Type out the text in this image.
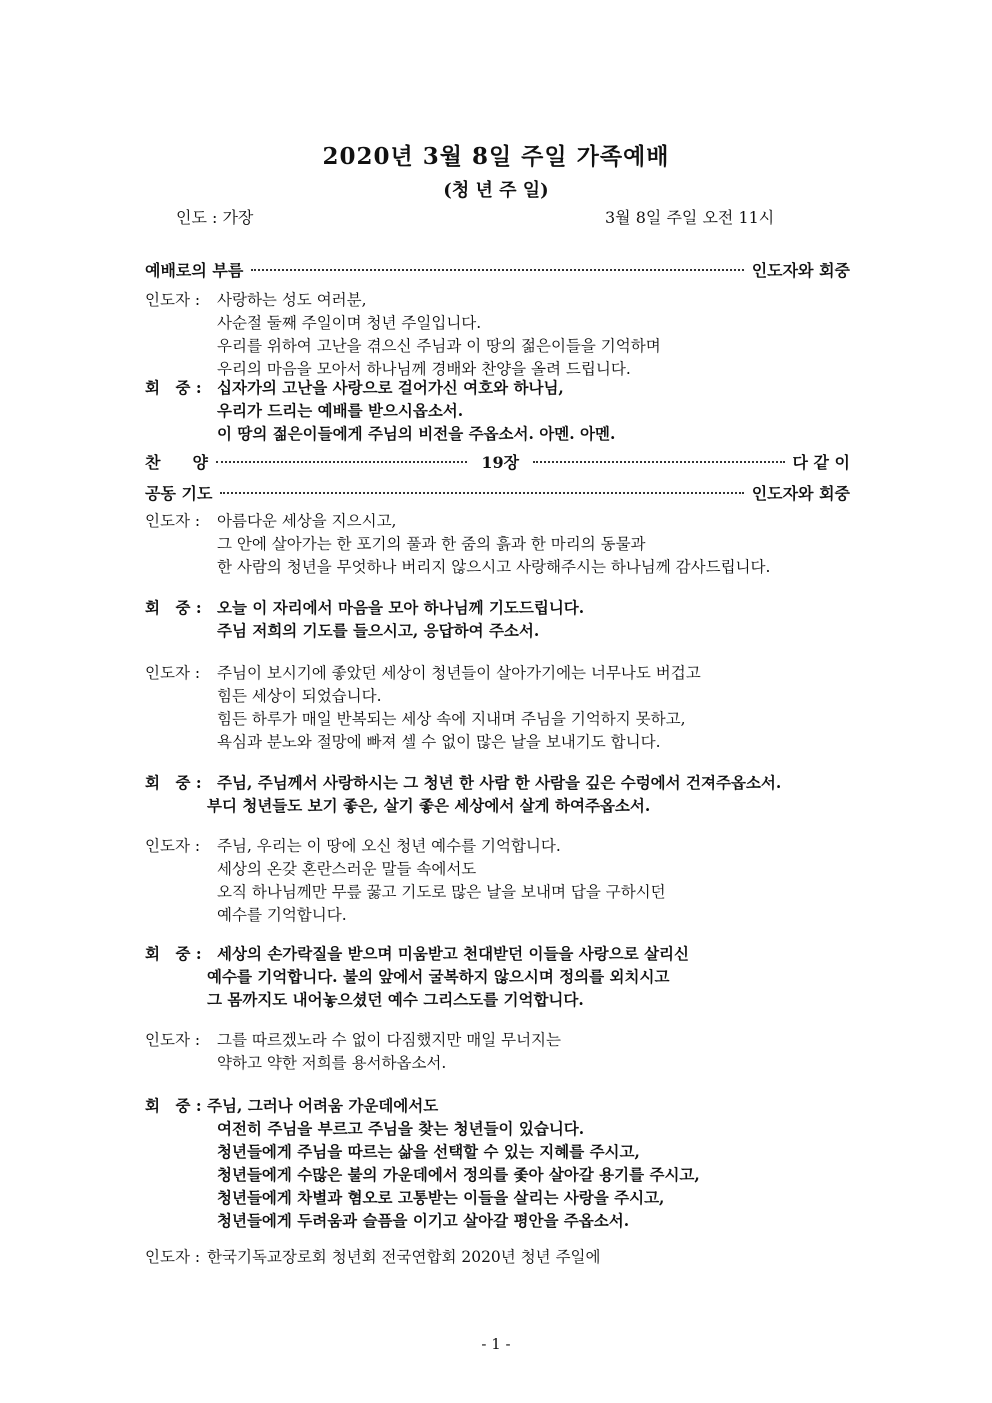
2020년 3월 8일 주일 가족예배
(청 년 주 일)
인도 : 가장	3월 8일 주일 오전 11시
예배로의 부름	인도자와 회중
찬　　양	19장	다 같 이
공동 기도	인도자와 회중
인도자 :	사랑하는 성도 여러분,
사순절 둘째 주일이며 청년 주일입니다.
우리를 위하여 고난을 겪으신 주님과 이 땅의 젊은이들을 기억하며
우리의 마음을 모아서 하나님께 경배와 찬양을 올려 드립니다.
회　중 : 십자가의 고난을 사랑으로 걸어가신 여호와 하나님,
우리가 드리는 예배를 받으시옵소서.
이 땅의 젊은이들에게 주님의 비전을 주옵소서. 아멘. 아멘.
인도자 :	아름다운 세상을 지으시고,
그 안에 살아가는 한 포기의 풀과 한 줌의 흙과 한 마리의 동물과
한 사람의 청년을 무엇하나 버리지 않으시고 사랑해주시는 하나님께 감사드립니다.
회　중 : 오늘 이 자리에서 마음을 모아 하나님께 기도드립니다.
주님 저희의 기도를 들으시고, 응답하여 주소서.
인도자 :	주님이 보시기에 좋았던 세상이 청년들이 살아가기에는 너무나도 버겁고
힘든 세상이 되었습니다.
힘든 하루가 매일 반복되는 세상 속에 지내며 주님을 기억하지 못하고,
욕심과 분노와 절망에 빠져 셀 수 없이 많은 날을 보내기도 합니다.
회　중 : 주님, 주님께서 사랑하시는 그 청년 한 사람 한 사람을 깊은 수렁에서 건져주옵소서.
부디 청년들도 보기 좋은, 살기 좋은 세상에서 살게 하여주옵소서.
인도자 :	주님, 우리는 이 땅에 오신 청년 예수를 기억합니다.
세상의 온갖 혼란스러운 말들 속에서도
오직 하나님께만 무릎 꿇고 기도로 많은 날을 보내며 답을 구하시던
예수를 기억합니다.
회　중 : 세상의 손가락질을 받으며 미움받고 천대받던 이들을 사랑으로 살리신
예수를 기억합니다. 불의 앞에서 굴복하지 않으시며 정의를 외치시고
그 몸까지도 내어놓으셨던 예수 그리스도를 기억합니다.
인도자 :	그를 따르겠노라 수 없이 다짐했지만 매일 무너지는
약하고 약한 저희를 용서하옵소서.
회　중 : 주님, 그러나 어려움 가운데에서도
여전히 주님을 부르고 주님을 찾는 청년들이 있습니다.
청년들에게 주님을 따르는 삶을 선택할 수 있는 지혜를 주시고,
청년들에게 수많은 불의 가운데에서 정의를 좇아 살아갈 용기를 주시고,
청년들에게 차별과 혐오로 고통받는 이들을 살리는 사랑을 주시고,
청년들에게 두려움과 슬픔을 이기고 살아갈 평안을 주옵소서.
인도자 : 한국기독교장로회 청년회 전국연합회 2020년 청년 주일에
- 1 -
